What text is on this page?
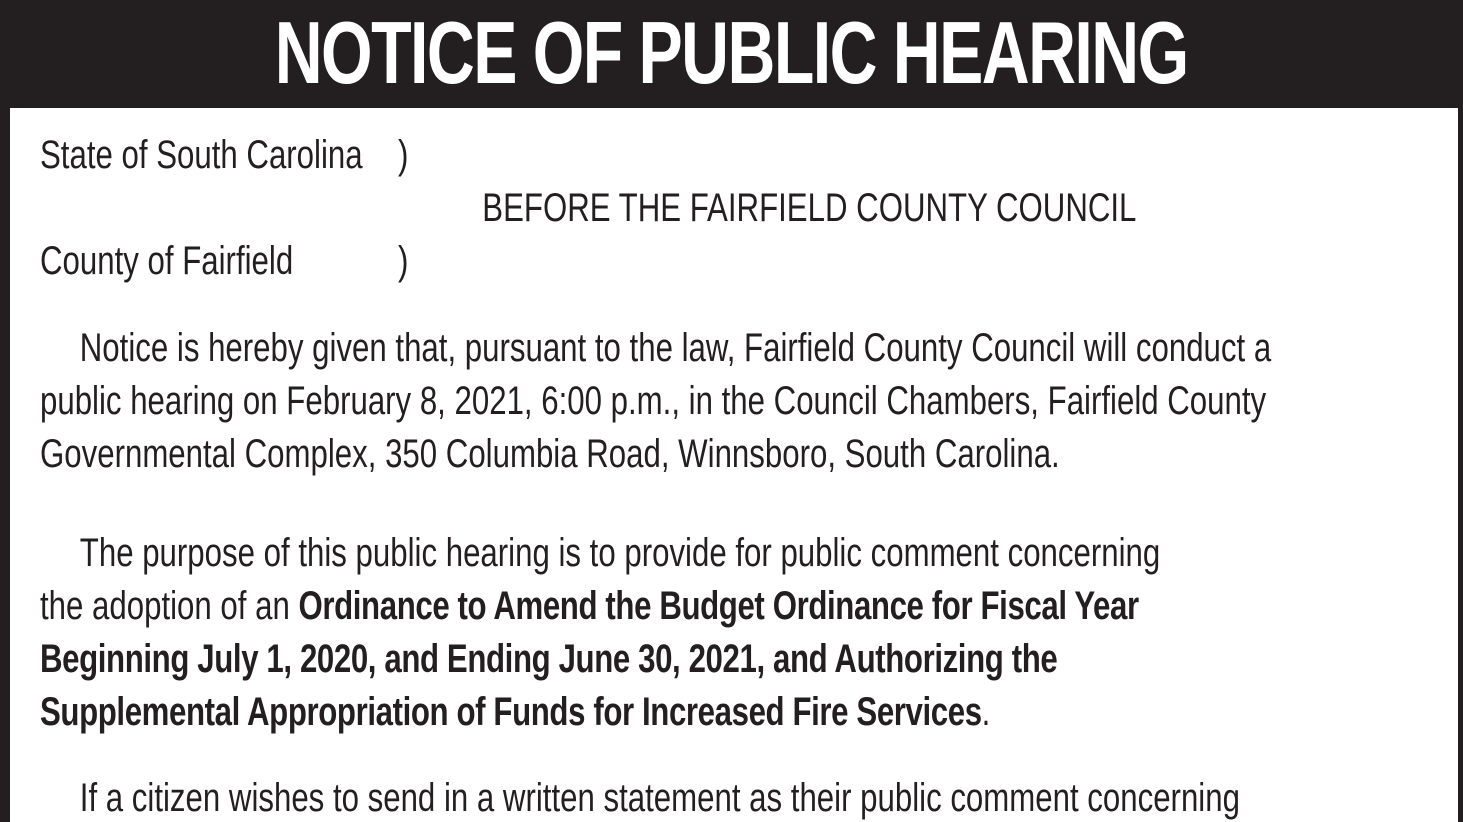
NOTICE OF PUBLIC HEARING
State of South Carolina )
BEFORE THE FAIRFIELD COUNTY COUNCIL
County of Fairfield	)
Notice is hereby given that, pursuant to the law, Fairfield County Council will conduct a
public hearing on February 8, 2021, 6:00 p.m., in the Council Chambers, Fairfield County
Governmental Complex, 350 Columbia Road, Winnsboro, South Carolina.
The purpose of this public hearing is to provide for public comment concerning
the adoption of an Ordinance to Amend the Budget Ordinance for Fiscal Year
Beginning July 1, 2020, and Ending June 30, 2021, and Authorizing the
Supplemental Appropriation of Funds for Increased Fire Services.
If a citizen wishes to send in a written statement as their public comment concerning
